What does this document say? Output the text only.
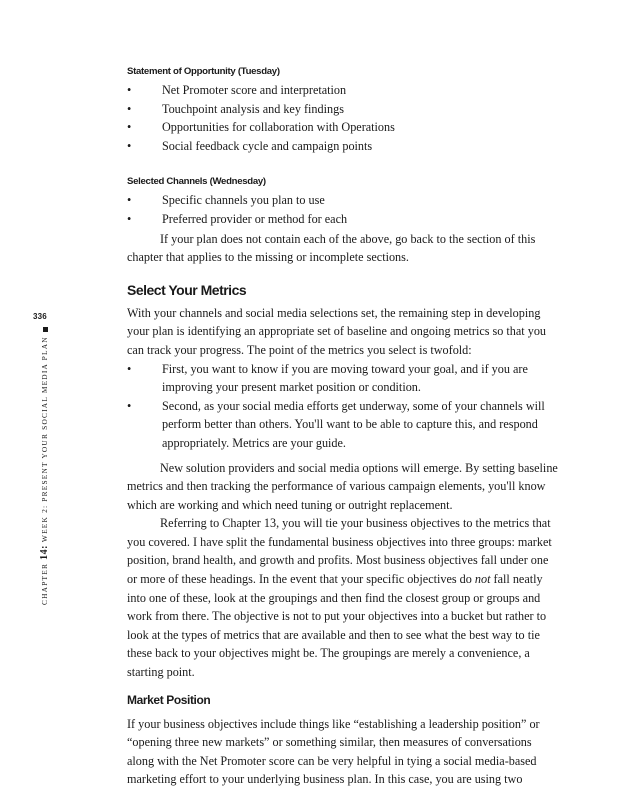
336
CHAPTER 14: WEEK 2: PRESENT YOUR SOCIAL MEDIA PLAN
Statement of Opportunity (Tuesday)
•	Net Promoter score and interpretation
•	Touchpoint analysis and key findings
•	Opportunities for collaboration with Operations
•	Social feedback cycle and campaign points
Selected Channels (Wednesday)
•	Specific channels you plan to use
•	Preferred provider or method for each

If your plan does not contain each of the above, go back to the section of this chapter that applies to the missing or incomplete sections.

Select Your Metrics

With your channels and social media selections set, the remaining step in developing your plan is identifying an appropriate set of baseline and ongoing metrics so that you can track your progress. The point of the metrics you select is twofold:

•	First, you want to know if you are moving toward your goal, and if you are improving your present market position or condition.
•	Second, as your social media efforts get underway, some of your channels will perform better than others. You'll want to be able to capture this, and respond appropriately. Metrics are your guide.

New solution providers and social media options will emerge. By setting baseline metrics and then tracking the performance of various campaign elements, you'll know which are working and which need tuning or outright replacement.

Referring to Chapter 13, you will tie your business objectives to the metrics that you covered. I have split the fundamental business objectives into three groups: market position, brand health, and growth and profits. Most business objectives fall under one or more of these headings. In the event that your specific objectives do not fall neatly into one of these, look at the groupings and then find the closest group or groups and work from there. The objective is not to put your objectives into a bucket but rather to look at the types of metrics that are available and then to see what the best way to tie these back to your objectives might be. The groupings are merely a convenience, a starting point.

Market Position

If your business objectives include things like “establishing a leadership position” or “opening three new markets” or something similar, then measures of conversations along with the Net Promoter score can be very helpful in tying a social media-based marketing effort to your underlying business plan. In this case, you are using two
